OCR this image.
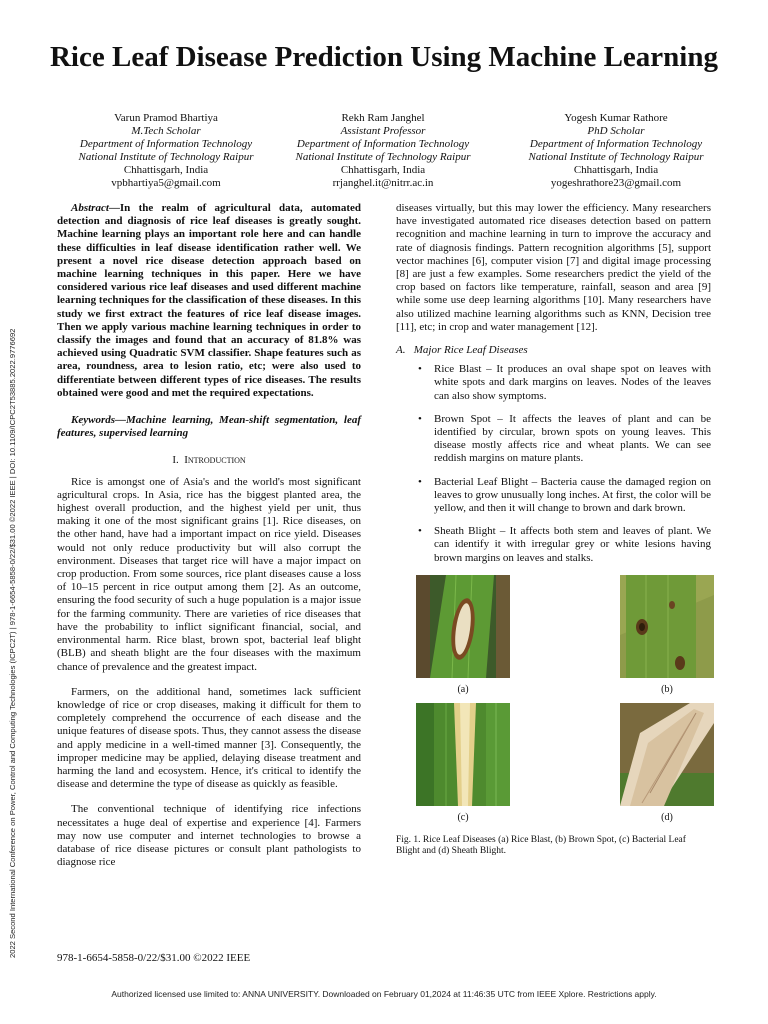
Rice Leaf Disease Prediction Using Machine Learning
Varun Pramod Bhartiya
M.Tech Scholar
Department of Information Technology
National Institute of Technology Raipur
Chhattisgarh, India
vpbhartiya5@gmail.com
Rekh Ram Janghel
Assistant Professor
Department of Information Technology
National Institute of Technology Raipur
Chhattisgarh, India
rrjanghel.it@nitrr.ac.in
Yogesh Kumar Rathore
PhD Scholar
Department of Information Technology
National Institute of Technology Raipur
Chhattisgarh, India
yogeshrathore23@gmail.com

Abstract—In the realm of agricultural data, automated detection and diagnosis of rice leaf diseases is greatly sought. Machine learning plays an important role here and can handle these difficulties in leaf disease identification rather well. We present a novel rice disease detection approach based on machine learning techniques in this paper. Here we have considered various rice leaf diseases and used different machine learning techniques for the classification of these diseases. In this study we first extract the features of rice leaf disease images. Then we apply various machine learning techniques in order to classify the images and found that an accuracy of 81.8% was achieved using Quadratic SVM classifier. Shape features such as area, roundness, area to lesion ratio, etc; were also used to differentiate between different types of rice diseases. The results obtained were good and met the required expectations.

Keywords—Machine learning, Mean-shift segmentation, leaf features, supervised learning

I. Introduction

Rice is amongst one of Asia's and the world's most significant agricultural crops. In Asia, rice has the biggest planted area, the highest overall production, and the highest yield per unit, thus making it one of the most significant grains [1]. Rice diseases, on the other hand, have had a important impact on rice yield. Diseases would not only reduce productivity but will also corrupt the environment. Diseases that target rice will have a major impact on crop production. From some sources, rice plant diseases cause a loss of 10–15 percent in rice output among them [2]. As an outcome, ensuring the food security of such a huge population is a major issue for the farming community. There are varieties of rice diseases that have the probability to inflict significant financial, social, and environmental harm. Rice blast, brown spot, bacterial leaf blight (BLB) and sheath blight are the four diseases with the maximum chance of prevalence and the greatest impact.

Farmers, on the additional hand, sometimes lack sufficient knowledge of rice or crop diseases, making it difficult for them to completely comprehend the occurrence of each disease and the unique features of disease spots. Thus, they cannot assess the disease and apply medicine in a well-timed manner [3]. Consequently, the improper medicine may be applied, delaying disease treatment and harming the land and ecosystem. Hence, it's critical to identify the disease and determine the type of disease as quickly as feasible.

The conventional technique of identifying rice infections necessitates a huge deal of expertise and experience [4]. Farmers may now use computer and internet technologies to browse a database of rice disease pictures or consult plant pathologists to diagnose rice

diseases virtually, but this may lower the efficiency. Many researchers have investigated automated rice diseases detection based on pattern recognition and machine learning in turn to improve the accuracy and rate of diagnosis findings. Pattern recognition algorithms [5], support vector machines [6], computer vision [7] and digital image processing [8] are just a few examples. Some researchers predict the yield of the crop based on factors like temperature, rainfall, season and area [9] while some use deep learning algorithms [10]. Many researchers have also utilized machine learning algorithms such as KNN, Decision tree [11], etc; in crop and water management [12].

A. Major Rice Leaf Diseases

• Rice Blast – It produces an oval shape spot on leaves with white spots and dark margins on leaves. Nodes of the leaves can also show symptoms.
• Brown Spot – It affects the leaves of plant and can be identified by circular, brown spots on young leaves. This disease mostly affects rice and wheat plants. We can see reddish margins on mature plants.
• Bacterial Leaf Blight – Bacteria cause the damaged region on leaves to grow unusually long inches. At first, the color will be yellow, and then it will change to brown and dark brown.
• Sheath Blight – It affects both stem and leaves of plant. We can identify it with irregular grey or white lesions having brown margins on leaves and stalks.
(a)	(b)
(c)	(d)

Fig. 1. Rice Leaf Diseases (a) Rice Blast, (b) Brown Spot, (c) Bacterial Leaf Blight and (d) Sheath Blight.

978-1-6654-5858-0/22/$31.00 ©2022 IEEE
2022 Second International Conference on Power, Control and Computing Technologies (ICPC2T) | 978-1-6654-5858-0/22/$31.00 ©2022 IEEE | DOI: 10.1109/ICPC2T53885.2022.9776692
Authorized licensed use limited to: ANNA UNIVERSITY. Downloaded on February 01,2024 at 11:46:35 UTC from IEEE Xplore. Restrictions apply.
